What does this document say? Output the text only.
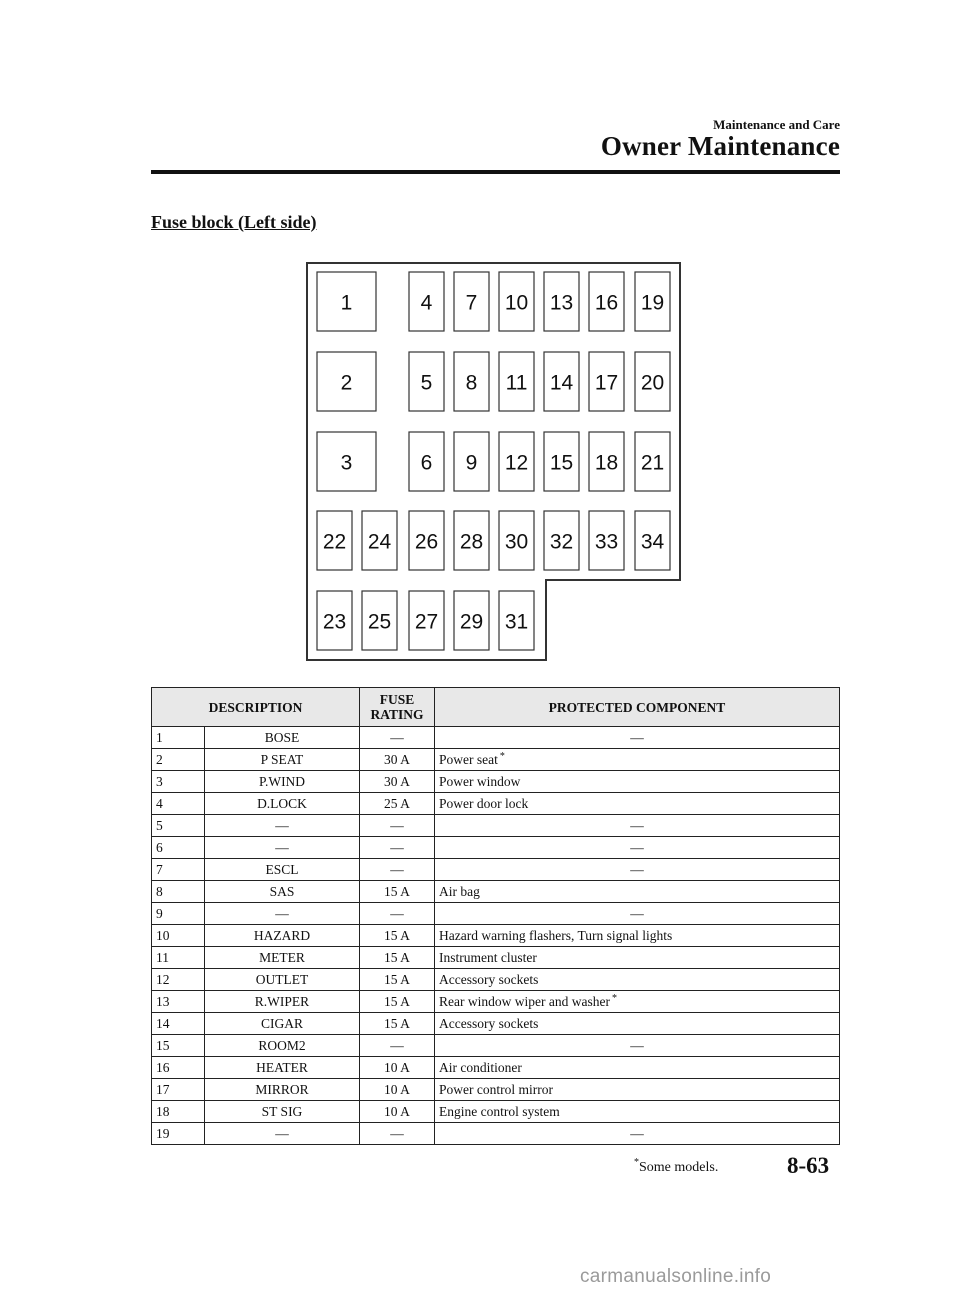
Maintenance and Care
Owner Maintenance
Fuse block (Left side)
1
2
3
4
5
6
7
8
9
10
11
12
13
14
15
16
17
18
19
20
21
22 24 26 28 30 32 33 34
23 25 27 29 31
DESCRIPTION		FUSE
RATING	PROTECTED COMPONENT
1	BOSE	—	—
2	P SEAT	30 A	Power seat *
3	P.WIND	30 A	Power window
4	D.LOCK	25 A	Power door lock
5	—	—	—
6	—	—	—
7	ESCL	—	—
8	SAS	15 A	Air bag
9	—	—	—
10	HAZARD	15 A	Hazard warning flashers, Turn signal lights
11	METER	15 A	Instrument cluster
12	OUTLET	15 A	Accessory sockets
13	R.WIPER	15 A	Rear window wiper and washer *
14	CIGAR	15 A	Accessory sockets
15	ROOM2	—	—
16	HEATER	10 A	Air conditioner
17	MIRROR	10 A	Power control mirror
18	ST SIG	10 A	Engine control system
19	—	—	—
*Some models.	8-63
carmanualsonline.info
